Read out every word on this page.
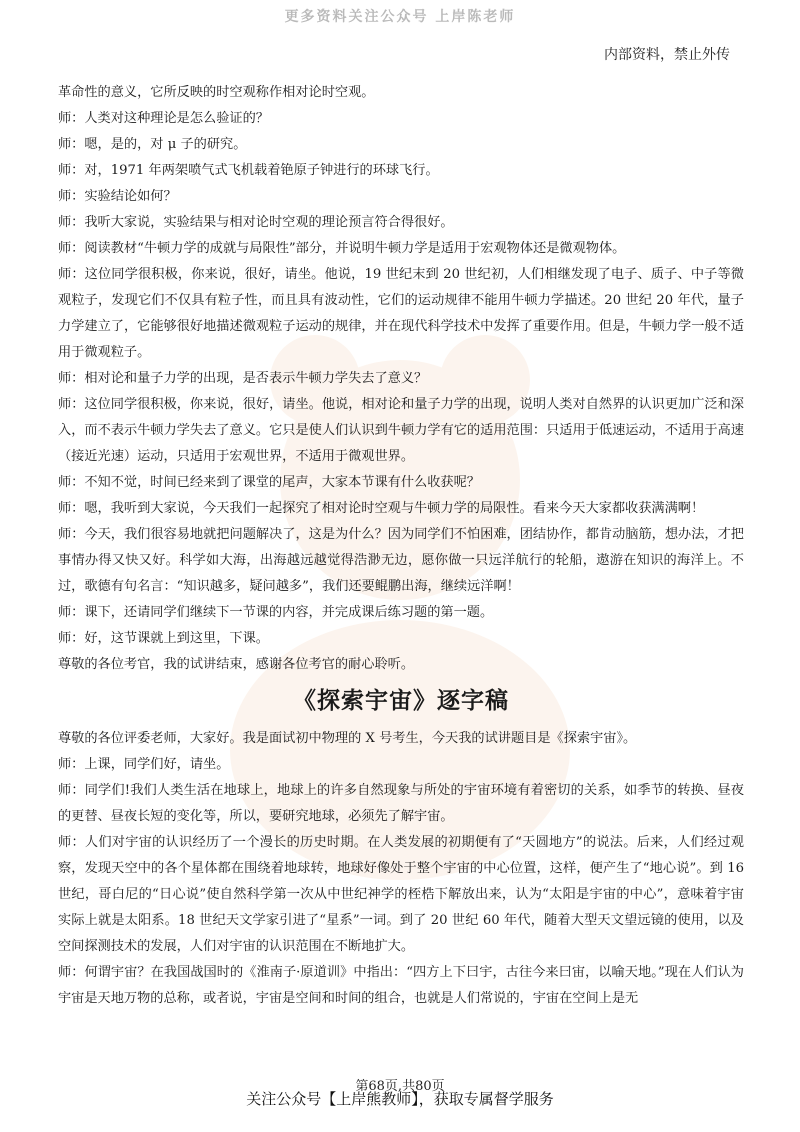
更多资料关注公众号 上岸陈老师
内部资料，禁止外传

革命性的意义，它所反映的时空观称作相对论时空观。

师：人类对这种理论是怎么验证的？

师：嗯，是的，对 μ 子的研究。

师：对，1971 年两架喷气式飞机载着铯原子钟进行的环球飞行。

师：实验结论如何？

师：我听大家说，实验结果与相对论时空观的理论预言符合得很好。

师：阅读教材“牛顿力学的成就与局限性”部分，并说明牛顿力学是适用于宏观物体还是微观物体。

师：这位同学很积极，你来说，很好，请坐。他说，19 世纪末到 20 世纪初，人们相继发现了电子、质子、中子等微观粒子，发现它们不仅具有粒子性，而且具有波动性，它们的运动规律不能用牛顿力学描述。20 世纪 20 年代，量子力学建立了，它能够很好地描述微观粒子运动的规律，并在现代科学技术中发挥了重要作用。但是，牛顿力学一般不适用于微观粒子。

师：相对论和量子力学的出现，是否表示牛顿力学失去了意义？

师：这位同学很积极，你来说，很好，请坐。他说，相对论和量子力学的出现，说明人类对自然界的认识更加广泛和深入，而不表示牛顿力学失去了意义。它只是使人们认识到牛顿力学有它的适用范围：只适用于低速运动，不适用于高速（接近光速）运动，只适用于宏观世界，不适用于微观世界。

师：不知不觉，时间已经来到了课堂的尾声，大家本节课有什么收获呢？

师：嗯，我听到大家说，今天我们一起探究了相对论时空观与牛顿力学的局限性。看来今天大家都收获满满啊！

师：今天，我们很容易地就把问题解决了，这是为什么？因为同学们不怕困难，团结协作，都肯动脑筋，想办法，才把事情办得又快又好。科学如大海，出海越远越觉得浩渺无边，愿你做一只远洋航行的轮船，遨游在知识的海洋上。不过，歌德有句名言：“知识越多，疑问越多”，我们还要鲲鹏出海，继续远洋啊！

师：课下，还请同学们继续下一节课的内容，并完成课后练习题的第一题。

师：好，这节课就上到这里，下课。

尊敬的各位考官，我的试讲结束，感谢各位考官的耐心聆听。

《探索宇宙》逐字稿

尊敬的各位评委老师，大家好。我是面试初中物理的 X 号考生，今天我的试讲题目是《探索宇宙》。

师：上课，同学们好，请坐。

师：同学们!我们人类生活在地球上，地球上的许多自然现象与所处的宇宙环境有着密切的关系，如季节的转换、昼夜的更替、昼夜长短的变化等，所以，要研究地球，必须先了解宇宙。

师：人们对宇宙的认识经历了一个漫长的历史时期。在人类发展的初期便有了“天圆地方”的说法。后来，人们经过观察，发现天空中的各个星体都在围绕着地球转，地球好像处于整个宇宙的中心位置，这样，便产生了“地心说”。到 16 世纪，哥白尼的“日心说”使自然科学第一次从中世纪神学的桎梏下解放出来，认为“太阳是宇宙的中心”，意味着宇宙实际上就是太阳系。18 世纪天文学家引进了“星系”一词。到了 20 世纪 60 年代，随着大型天文望远镜的使用，以及空间探测技术的发展，人们对宇宙的认识范围在不断地扩大。

师：何谓宇宙？在我国战国时的《淮南子·原道训》中指出：“四方上下曰宇，古往今来曰宙，以喻天地。”现在人们认为宇宙是天地万物的总称，或者说，宇宙是空间和时间的组合，也就是人们常说的，宇宙在空间上是无

第68页,共80页
关注公众号【上岸熊教师】，获取专属督学服务
